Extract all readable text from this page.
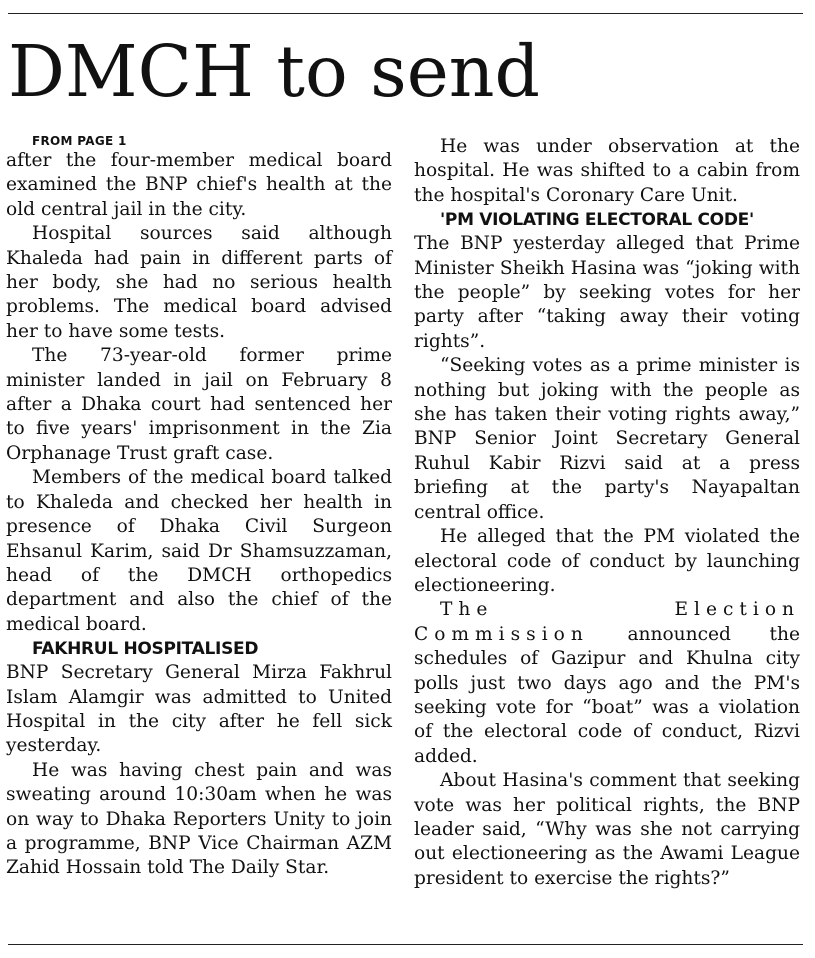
DMCH to send

FROM PAGE 1

after the four-member medical board examined the BNP chief's health at the old central jail in the city.

Hospital sources said although Khaleda had pain in different parts of her body, she had no serious health problems. The medical board advised her to have some tests.

The 73-year-old former prime minister landed in jail on February 8 after a Dhaka court had sentenced her to five years' imprisonment in the Zia Orphanage Trust graft case.

Members of the medical board talked to Khaleda and checked her health in presence of Dhaka Civil Surgeon Ehsanul Karim, said Dr Shamsuzzaman, head of the DMCH orthopedics department and also the chief of the medical board.

FAKHRUL HOSPITALISED

BNP Secretary General Mirza Fakhrul Islam Alamgir was admitted to United Hospital in the city after he fell sick yesterday.

He was having chest pain and was sweating around 10:30am when he was on way to Dhaka Reporters Unity to join a programme, BNP Vice Chairman AZM Zahid Hossain told The Daily Star.

He was under observation at the hospital. He was shifted to a cabin from the hospital's Coronary Care Unit.

'PM VIOLATING ELECTORAL CODE'

The BNP yesterday alleged that Prime Minister Sheikh Hasina was “joking with the people” by seeking votes for her party after “taking away their voting rights”.

“Seeking votes as a prime minister is nothing but joking with the people as she has taken their voting rights away,” BNP Senior Joint Secretary General Ruhul Kabir Rizvi said at a press briefing at the party's Nayapaltan central office.

He alleged that the PM violated the electoral code of conduct by launching electioneering.

The Election Commission announced the schedules of Gazipur and Khulna city polls just two days ago and the PM's seeking vote for “boat” was a violation of the electoral code of conduct, Rizvi added.

About Hasina's comment that seeking vote was her political rights, the BNP leader said, “Why was she not carrying out electioneering as the Awami League president to exercise the rights?”
